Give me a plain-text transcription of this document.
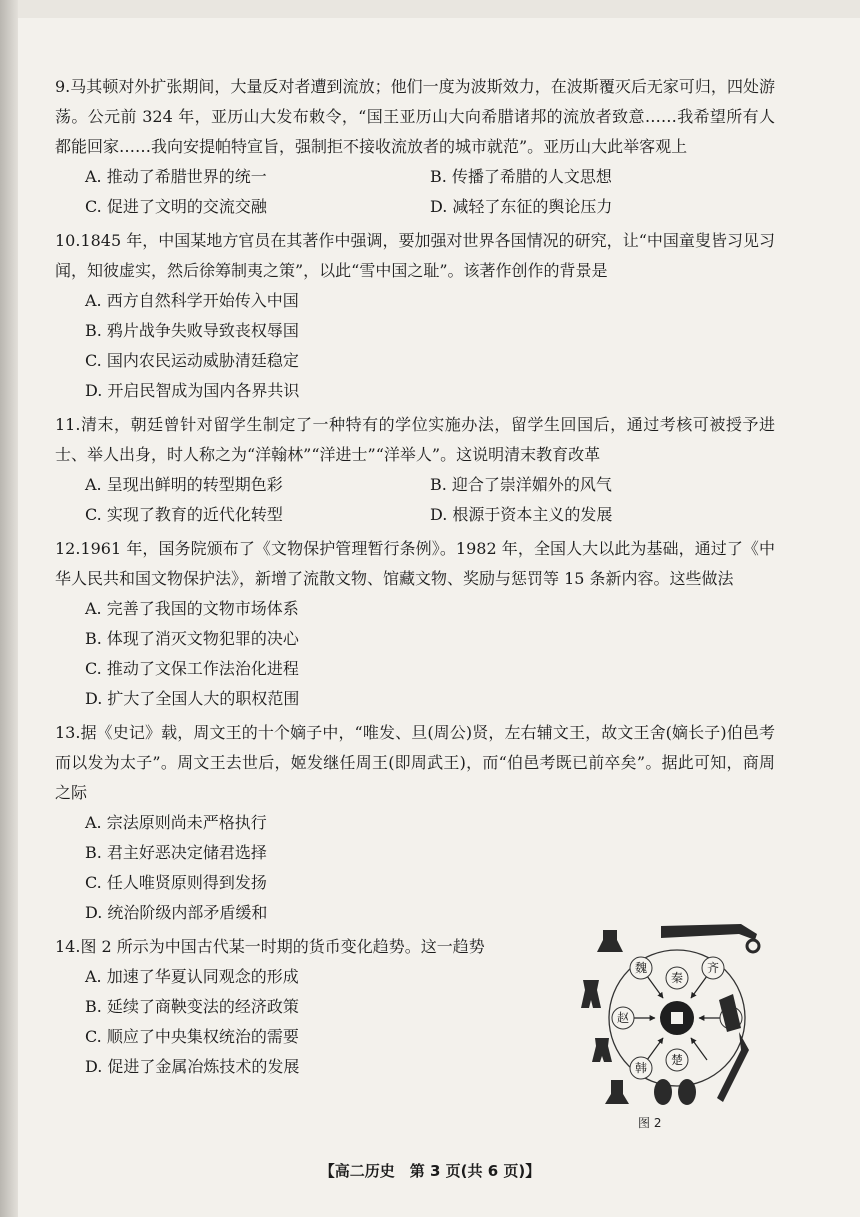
9.马其顿对外扩张期间，大量反对者遭到流放；他们一度为波斯效力，在波斯覆灭后无家可归，四处游荡。公元前 324 年，亚历山大发布敕令，“国王亚历山大向希腊诸邦的流放者致意……我希望所有人都能回家……我向安提帕特宣旨，强制拒不接收流放者的城市就范”。亚历山大此举客观上
A. 推动了希腊世界的统一	B. 传播了希腊的人文思想
C. 促进了文明的交流交融	D. 减轻了东征的舆论压力
10.1845 年，中国某地方官员在其著作中强调，要加强对世界各国情况的研究，让“中国童叟皆习见习闻，知彼虚实，然后徐筹制夷之策”，以此“雪中国之耻”。该著作创作的背景是
A. 西方自然科学开始传入中国
B. 鸦片战争失败导致丧权辱国
C. 国内农民运动威胁清廷稳定
D. 开启民智成为国内各界共识
11.清末，朝廷曾针对留学生制定了一种特有的学位实施办法，留学生回国后，通过考核可被授予进士、举人出身，时人称之为“洋翰林”“洋进士”“洋举人”。这说明清末教育改革
A. 呈现出鲜明的转型期色彩	B. 迎合了崇洋媚外的风气
C. 实现了教育的近代化转型	D. 根源于资本主义的发展
12.1961 年，国务院颁布了《文物保护管理暂行条例》。1982 年，全国人大以此为基础，通过了《中华人民共和国文物保护法》，新增了流散文物、馆藏文物、奖励与惩罚等 15 条新内容。这些做法
A. 完善了我国的文物市场体系
B. 体现了消灭文物犯罪的决心
C. 推动了文保工作法治化进程
D. 扩大了全国人大的职权范围
13.据《史记》载，周文王的十个嫡子中，“唯发、旦(周公)贤，左右辅文王，故文王舍(嫡长子)伯邑考而以发为太子”。周文王去世后，姬发继任周王(即周武王)，而“伯邑考既已前卒矣”。据此可知，商周之际
A. 宗法原则尚未严格执行
B. 君主好恶决定储君选择
C. 任人唯贤原则得到发扬
D. 统治阶级内部矛盾缓和
14.图 2 所示为中国古代某一时期的货币变化趋势。这一趋势
A. 加速了华夏认同观念的形成
B. 延续了商鞅变法的经济政策
C. 顺应了中央集权统治的需要
D. 促进了金属冶炼技术的发展
秦
魏	齐
赵
韩
楚
图 2
【高二历史　第 3 页(共 6 页)】
